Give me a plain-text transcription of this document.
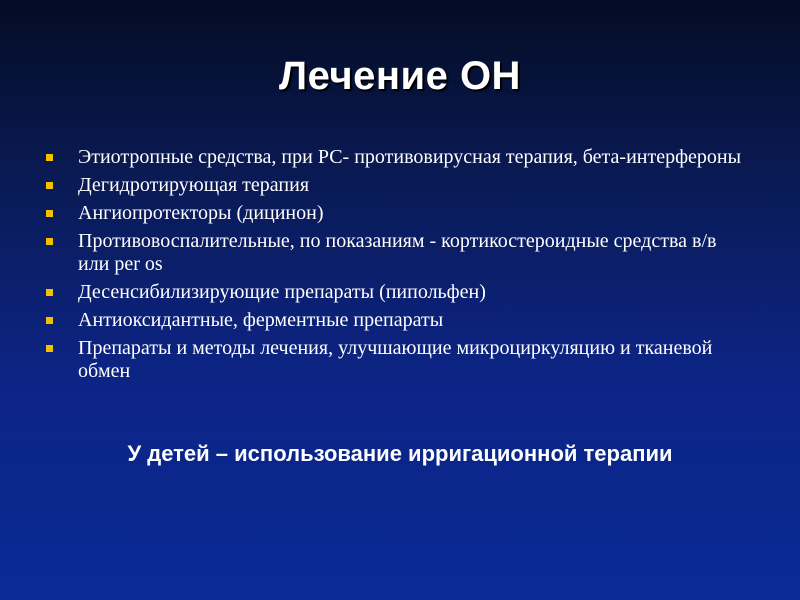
Лечение ОН
Этиотропные средства, при РС- противовирусная терапия, бета-интерфероны
Дегидротирующая терапия
Ангиопротекторы (дицинон)
Противовоспалительные, по показаниям - кортикостероидные средства в/в или per os
Десенсибилизирующие препараты (пипольфен)
Антиоксидантные, ферментные препараты
Препараты и методы лечения, улучшающие микроциркуляцию и тканевой обмен
У детей – использование ирригационной терапии
